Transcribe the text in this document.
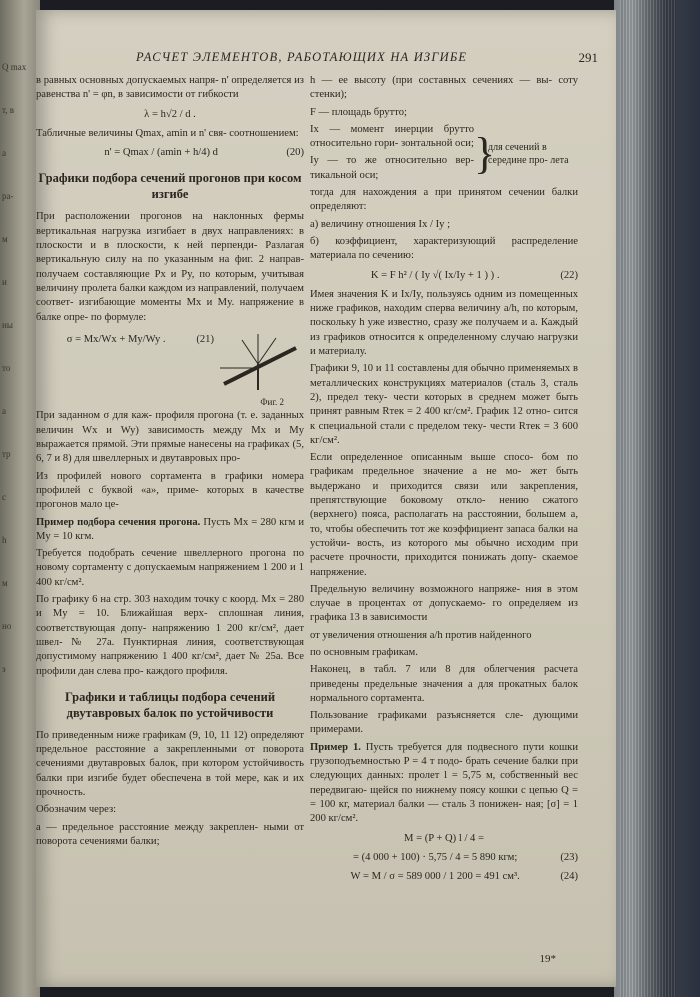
Q max
т, в
a
ра-
м
и
ны
то
а
тр
с
h
м
но
з
РАСЧЕТ ЭЛЕМЕНТОВ, РАБОТАЮЩИХ НА ИЗГИБЕ	291

в равных основных допускаемых напря- n' определяется из равенства n' = φn, в зависимости от гибкости

λ = h√2 / d .

Табличные величины Qmax, amin и n' свя- соотношением:

n' = Qmax / (amin + h/4) d	(20)
Графики подбора сечений прогонов при косом изгибе

При расположении прогонов на наклонных фермы вертикальная нагрузка изгибает в двух направлениях: в плоскости и в плоскости, к ней перпенди- Разлагая вертикальную силу на по указанным на фиг. 2 направ- получаем составляющие Px и Py, по которым, учитывая величину пролета балки каждом из направлений, получаем соответ- изгибающие моменты Mx и My. напряжение в балке опре- по формуле:

σ = Mx/Wx + My/Wy .	(21)
Фиг. 2

При заданном σ для каж- профиля прогона (т. е. заданных величин Wx и Wy) зависимость между Mx и My выражается прямой. Эти прямые нанесены на графиках (5, 6, 7 и 8) для швеллерных и двутавровых про-

Из профилей нового сортамента в графики номера профилей с буквой «а», приме- которых в качестве прогонов мало це-

Пример подбора сечения прогона. Пусть Mx = 280 кгм и My = 10 кгм.

Требуется подобрать сечение швеллерного прогона по новому сортаменту с допускаемым напряжением 1 200 и 1 400 кг/см².

По графику 6 на стр. 303 находим точку с коорд. Mx = 280 и My = 10. Ближайшая верх- сплошная линия, соответствующая допу- напряжению 1 200 кг/см², дает швел- № 27а. Пунктирная линия, соответствующая допустимому напряжению 1 400 кг/см², дает № 25а. Все профили дан слева про- каждого профиля.

Графики и таблицы подбора сечений двутавровых балок по устойчивости

По приведенным ниже графикам (9, 10, 11 12) определяют предельное расстояние a закрепленными от поворота сечениями двутавровых балок, при котором устойчивость балки при изгибе будет обеспечена в той мере, как и их прочность.

Обозначим через:

a — предельное расстояние между закреплен- ными от поворота сечениями балки;

h — ее высоту (при составных сечениях — вы- соту стенки);

F — площадь брутто;

Ix — момент инерции брутто относительно гори- зонтальной оси;

Iy — то же относительно вер- тикальной оси;	}
для сечений в середине про- лета

тогда для нахождения a при принятом сечении балки определяют:

a) величину отношения Ix / Iy ;

б) коэффициент, характеризующий распределение материала по сечению:

K = F h² / ( Iy √( Ix/Iy + 1 ) ) .	(22)

Имея значения K и Ix/Iy, пользуясь одним из помещенных ниже графиков, находим сперва величину a/h, по которым, поскольку h уже известно, сразу же получаем и a. Каждый из графиков относится к определенному случаю нагрузки и материалу.

Графики 9, 10 и 11 составлены для обычно применяемых в металлических конструкциях материалов (сталь 3, сталь 2), предел теку- чести которых в среднем может быть принят равным Rтек = 2 400 кг/см². График 12 отно- сится к специальной стали с пределом теку- чести Rтек = 3 600 кг/см².

Если определенное описанным выше спосо- бом по графикам предельное значение a не мо- жет быть выдержано и приходится связи или закрепления, препятствующие боковому откло- нению сжатого (верхнего) пояса, располагать на расстоянии, большем a, то, чтобы обеспечить тот же коэффициент запаса балки на устойчи- вость, из которого мы обычно исходим при расчете прочности, приходится понижать допу- скаемое напряжение.

Предельную величину возможного напряже- ния в этом случае в процентах от допускаемо- го определяем из графика 13 в зависимости

от увеличения отношения a/h против найденного

по основным графикам.

Наконец, в табл. 7 или 8 для облегчения расчета приведены предельные значения a для прокатных балок нормального сортамента.

Пользование графиками разъясняется сле- дующими примерами.

Пример 1. Пусть требуется для подвесного пути кошки грузоподъемностью P = 4 т подо- брать сечение балки при следующих данных: пролет l = 5,75 м, собственный вес передвигаю- щейся по нижнему поясу кошки с цепью Q = = 100 кг, материал балки — сталь 3 понижен- ная; [σ] = 1 200 кг/см².

M = (P + Q) l / 4 =
= (4 000 + 100) · 5,75 / 4 = 5 890 кгм;	(23)
W = M / σ = 589 000 / 1 200 = 491 см³.	(24)
19*
